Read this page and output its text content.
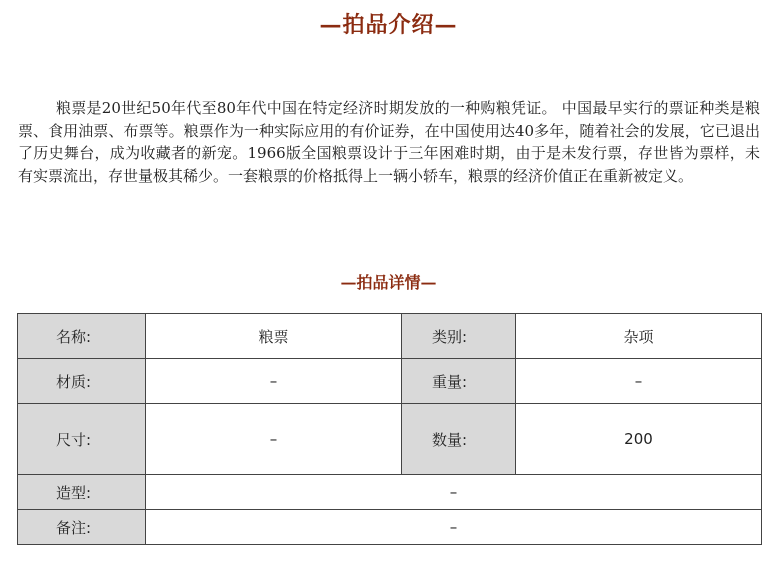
—拍品介绍—

粮票是20世纪50年代至80年代中国在特定经济时期发放的一种购粮凭证。 中国最早实行的票证种类是粮票、食用油票、布票等。粮票作为一种实际应用的有价证券，在中国使用达40多年，随着社会的发展，它已退出了历史舞台，成为收藏者的新宠。1966版全国粮票设计于三年困难时期，由于是未发行票，存世皆为票样，未有实票流出，存世量极其稀少。一套粮票的价格抵得上一辆小轿车，粮票的经济价值正在重新被定义。

—拍品详情—
名称:	粮票	类别:	杂项
材质:	–	重量:	–
尺寸:	–	数量:	200
造型:	–		
备注:	–		
